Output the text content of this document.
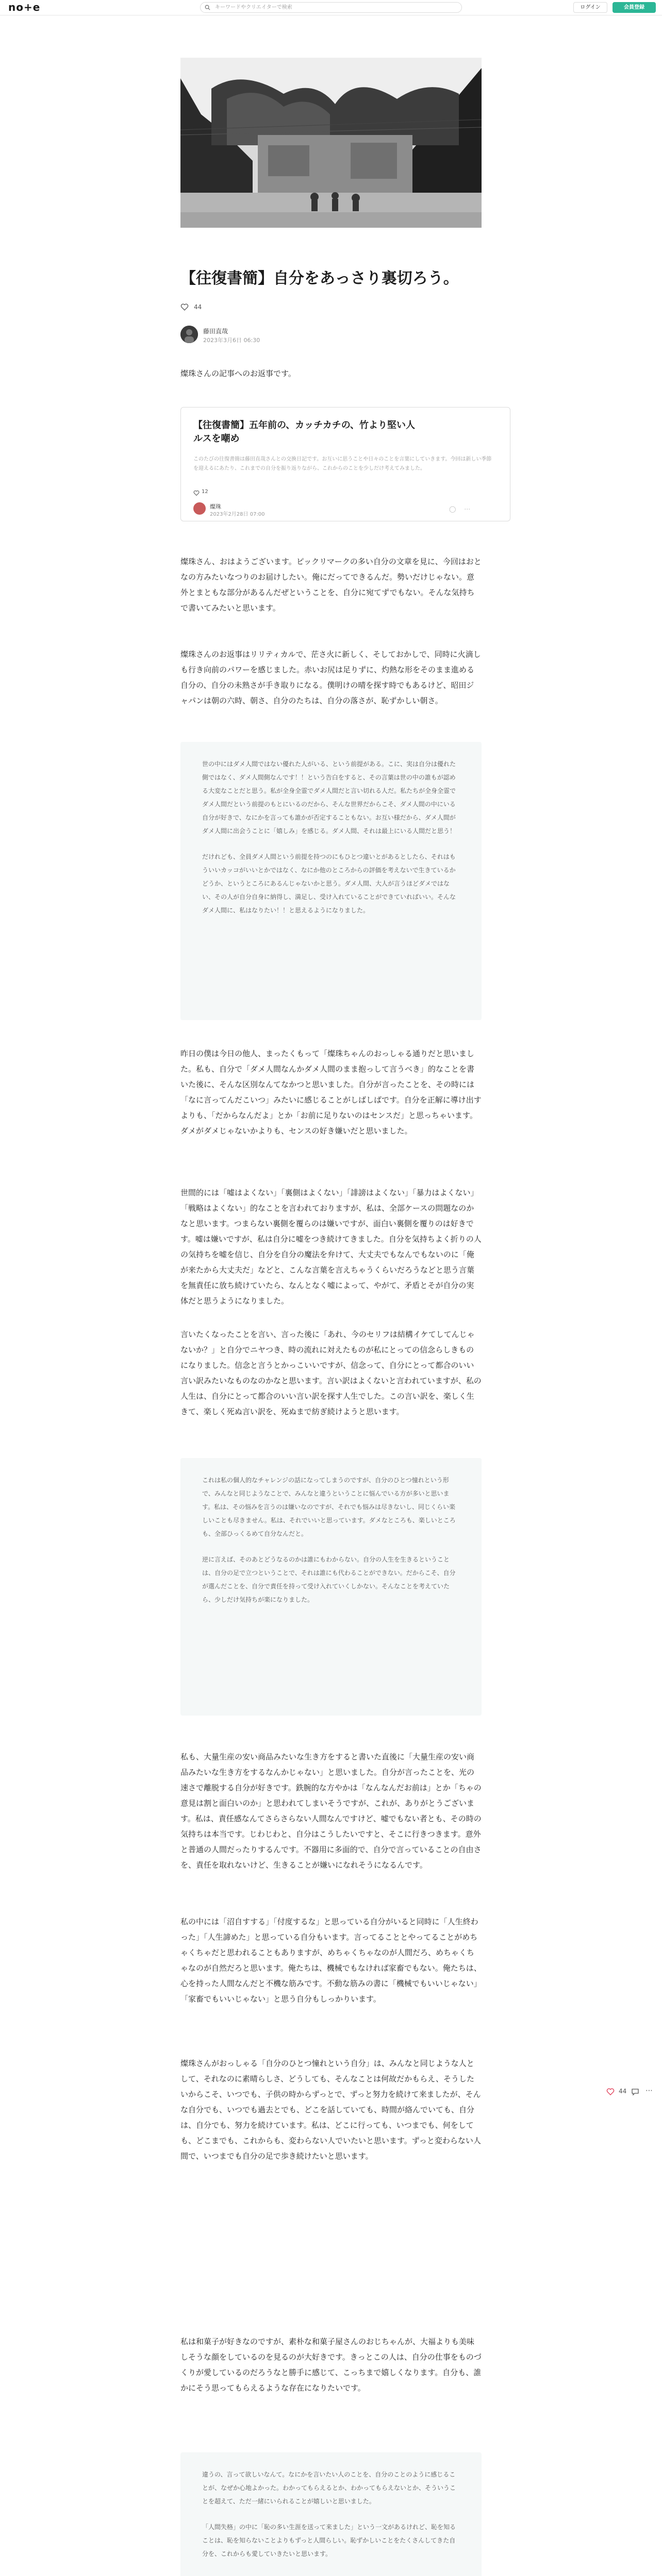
no+e
キーワードやクリエイターで検索	ログイン	会員登録
【往復書簡】自分をあっさり裏切ろう。
44
藤田直哉
2023年3月6日 06:30

燦珠さんの記事へのお返事です。

【往復書簡】五年前の、カッチカチの、竹より堅い人ルスを嘲め
このたびの往復書簡は藤田直哉さんとの交換日記です。お互いに思うことや日々のことを言葉にしていきます。今回は新しい季節を迎えるにあたり、これまでの自分を振り返りながら、これからのことを少しだけ考えてみました。
12
燦珠
2023年2月28日 07:00
◯ ⋯

燦珠さん、おはようございます。ピックリマークの多い自分の文章を見に、今回はおとなの方みたいなつりのお届けしたい。俺にだってできるんだ。勢いだけじゃない。意外とまともな部分があるんだぜということを、自分に宛てずでもない。そんな気持ちで書いてみたいと思います。

燦珠さんのお返事はリリティカルで、茫さ火に新しく、そしておかしで、同時に火滴しも行き向前のパワーを感じました。赤いお尻は足りずに、灼熱な形をそのまま進める自分の、自分の未熟さが手き取りになる。僕明けの晴を探す時でもあるけど、昭田ジャパンは朝の六時、朝さ、自分のたちは、自分の落さが、恥ずかしい朝さ。

世の中にはダメ人間ではない優れた人がいる、という前提がある。こに、実は自分は優れた側ではなく、ダメ人間側なんです！！という告白をすると、その言葉は世の中の誰もが認める大変なことだと思う。私が全身全霊でダメ人間だと言い切れる人だ。私たちが全身全霊でダメ人間だという前提のもとにいるのだから、そんな世界だからこそ、ダメ人間の中にいる自分が好きで、なにかを言っても誰かが否定することもない。お互い様だから、ダメ人間がダメ人間に出会うことに「嬉しみ」を感じる。ダメ人間、それは最上にいる人間だと思う！

だけれども、全員ダメ人間という前提を持つのにもひとつ違いとがあるとしたら、それはもういいカッコがいいとかではなく、なにか他のところからの評価を考えないで生きているかどうか、というところにあるんじゃないかと思う。ダメ人間、大人が言うほどダメではない、その人が自分自身に納得し、満足し、受け入れていることができていればいい。そんなダメ人間に、私はなりたい！！と思えるようになりました。

昨日の僕は今日の他人、まったくもって「燦珠ちゃんのおっしゃる通りだと思いました。私も、自分で「ダメ人間なんかダメ人間のまま抱っして言うべき」的なことを書いた後に、そんな区別なんてなかつと思いました。自分が言ったことを、その時には「なに言ってんだこいつ」みたいに感じることがしばしばです。自分を正解に導け出すよりも、「だからなんだよ」とか「お前に足りないのはセンスだ」と思っちゃいます。ダメがダメじゃないかよりも、センスの好き嫌いだと思いました。

世間的には「嘘はよくない」「裏側はよくない」「誹謗はよくない」「暴力はよくない」「戦略はよくない」的なことを言われておりますが、私は、全部ケースの問題なのかなと思います。つまらない裏側を覆らのは嫌いですが、面白い裏側を覆りのは好きです。嘘は嫌いですが、私は自分に嘘をつき続けてきました。自分を気持ちよく折りの人の気持ちを嘘を信じ、自分を自分の魔法を弁けて、大丈夫でもなんでもないのに「俺が来たから大丈夫だ」などと、こんな言葉を言えちゃうくらいだろうなどと思う言葉を無責任に放ち続けていたら、なんとなく嘘によって、やがて、矛盾とそが自分の実体だと思うようになりました。

言いたくなったことを言い、言った後に「あれ、今のセリフは結構イケてしてんじゃないか？」と自分でニヤつき、時の流れに対えたものが私にとっての信念らしきものになりました。信念と言うとかっこいいですが、信念って、自分にとって都合のいい言い訳みたいなものなのかなと思います。言い訳はよくないと言われていますが、私の人生は、自分にとって都合のいい言い訳を探す人生でした。この言い訳を、楽しく生きて、楽しく死ぬ言い訳を、死ぬまで紡ぎ続けようと思います。

これは私の個人的なチャレンジの話になってしまうのですが、自分のひとつ憧れという形で、みんなと同じようなことで、みんなと違うということに悩んでいる方が多いと思います。私は、その悩みを言うのは嫌いなのですが、それでも悩みは尽きないし、同じくらい楽しいことも尽きません。私は、それでいいと思っています。ダメなところも、楽しいところも、全部ひっくるめて自分なんだと。

逆に言えば、そのあとどうなるのかは誰にもわからない。自分の人生を生きるということは、自分の足で立つということで、それは誰にも代わることができない。だからこそ、自分が選んだことを、自分で責任を持って受け入れていくしかない。そんなことを考えていたら、少しだけ気持ちが楽になりました。

私も、大量生産の安い商品みたいな生き方をすると書いた直後に「大量生産の安い商品みたいな生き方をするなんかじゃない」と思いました。自分が言ったことを、光の速さで離脱する自分が好きです。鉄腕的な方やかは「なんなんだお前は」とか「ちゃの意見は割と面白いのか」と思われてしまいそうですが、これが、ありがとうございます。私は、責任感なんてさらさらない人間なんですけど、嘘でもない者とも、その時の気持ちは本当です。じわじわと、自分はこうしたいですと、そこに行きつきます。意外と普通の人間だったりするんです。不器用に多面的で、自分で言っていることの自由さを、責任を取れないけど、生きることが嫌いになれそうになるんです。

私の中には「沼自すする」「付度するな」と思っている自分がいると同時に「人生終わった」「人生諦めた」と思っている自分もいます。言ってることとやってることがめちゃくちゃだと思われることもありますが、めちゃくちゃなのが人間だろ、めちゃくちゃなのが自然だろと思います。俺たちは、機械でもなければ家畜でもない。俺たちは、心を持った人間なんだと不機な筋みです。不動な筋みの書に「機械でもいいじゃない」「家畜でもいいじゃない」と思う自分もしっかりいます。

燦珠さんがおっしゃる「自分のひとつ憧れという自分」は、みんなと同じような人として、それなのに素晴らしさ、どうしても、そんなことは何故だかもらえ、そうしたいからこそ、いつでも、子供の時からずっとで、ずっと努力を続けて来ましたが、そんな自分でも、いつでも過去とでも、どこを話していても、時間が絡んでいても、自分は、自分でも、努力を続けています。私は、どこに行っても、いつまでも、何をしても、どこまでも、これからも、変わらない人でいたいと思います。ずっと変わらない人間で、いつまでも自分の足で歩き続けたいと思います。

私は和菓子が好きなのですが、素朴な和菓子屋さんのおじちゃんが、大福よりも美味しそうな顔をしているのを見るのが大好きです。きっとこの人は、自分の仕事をものづくりが愛しているのだろうなと勝手に感じて、こっちまで嬉しくなります。自分も、誰かにそう思ってもらえるような存在になりたいです。

違うの、言って欲しいなんて。なにかを言いたい人のことを、自分のことのように感じることが、なぜか心地よかった。わかってもらえるとか、わかってもらえないとか、そういうことを超えて、ただ一緒にいられることが嬉しいと思いました。

「人間失格」の中に「恥の多い生涯を送って来ました」という一文があるけれど、恥を知ることは、恥を知らないことよりもずっと人間らしい。恥ずかしいことをたくさんしてきた自分を、これからも愛していきたいと思います。

44	⋯
